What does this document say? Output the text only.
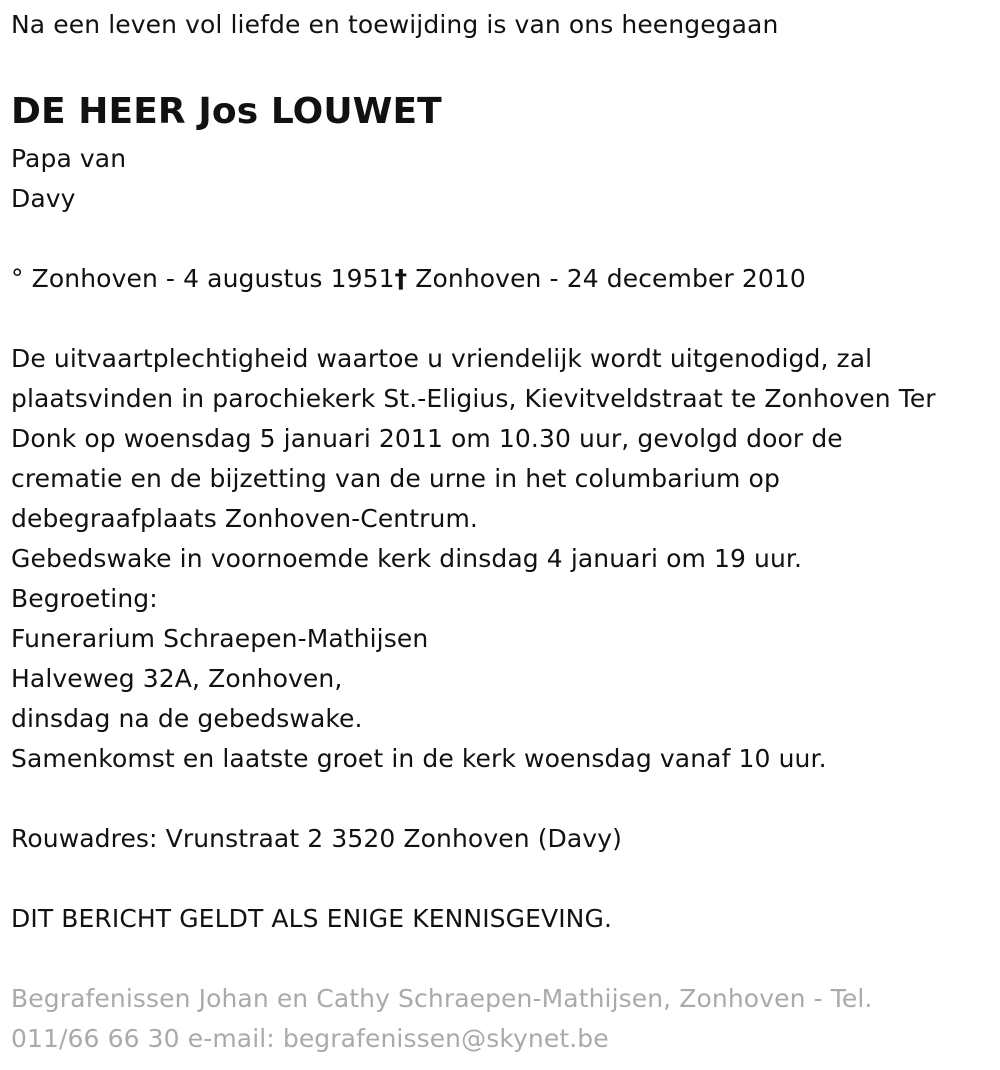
Na een leven vol liefde en toewijding is van ons heengegaan
DE HEER Jos LOUWET
Papa van
Davy
° Zonhoven - 4 augustus 1951† Zonhoven - 24 december 2010
De uitvaartplechtigheid waartoe u vriendelijk wordt uitgenodigd, zal
plaatsvinden in parochiekerk St.-Eligius, Kievitveldstraat te Zonhoven Ter
Donk op woensdag 5 januari 2011 om 10.30 uur, gevolgd door de
crematie en de bijzetting van de urne in het columbarium op
debegraafplaats Zonhoven-Centrum.
Gebedswake in voornoemde kerk dinsdag 4 januari om 19 uur.
Begroeting:
Funerarium Schraepen-Mathijsen
Halveweg 32A, Zonhoven,
dinsdag na de gebedswake.
Samenkomst en laatste groet in de kerk woensdag vanaf 10 uur.
Rouwadres: Vrunstraat 2 3520 Zonhoven (Davy)
DIT BERICHT GELDT ALS ENIGE KENNISGEVING.
Begrafenissen Johan en Cathy Schraepen-Mathijsen, Zonhoven - Tel.
011/66 66 30 e-mail: begrafenissen@skynet.be
